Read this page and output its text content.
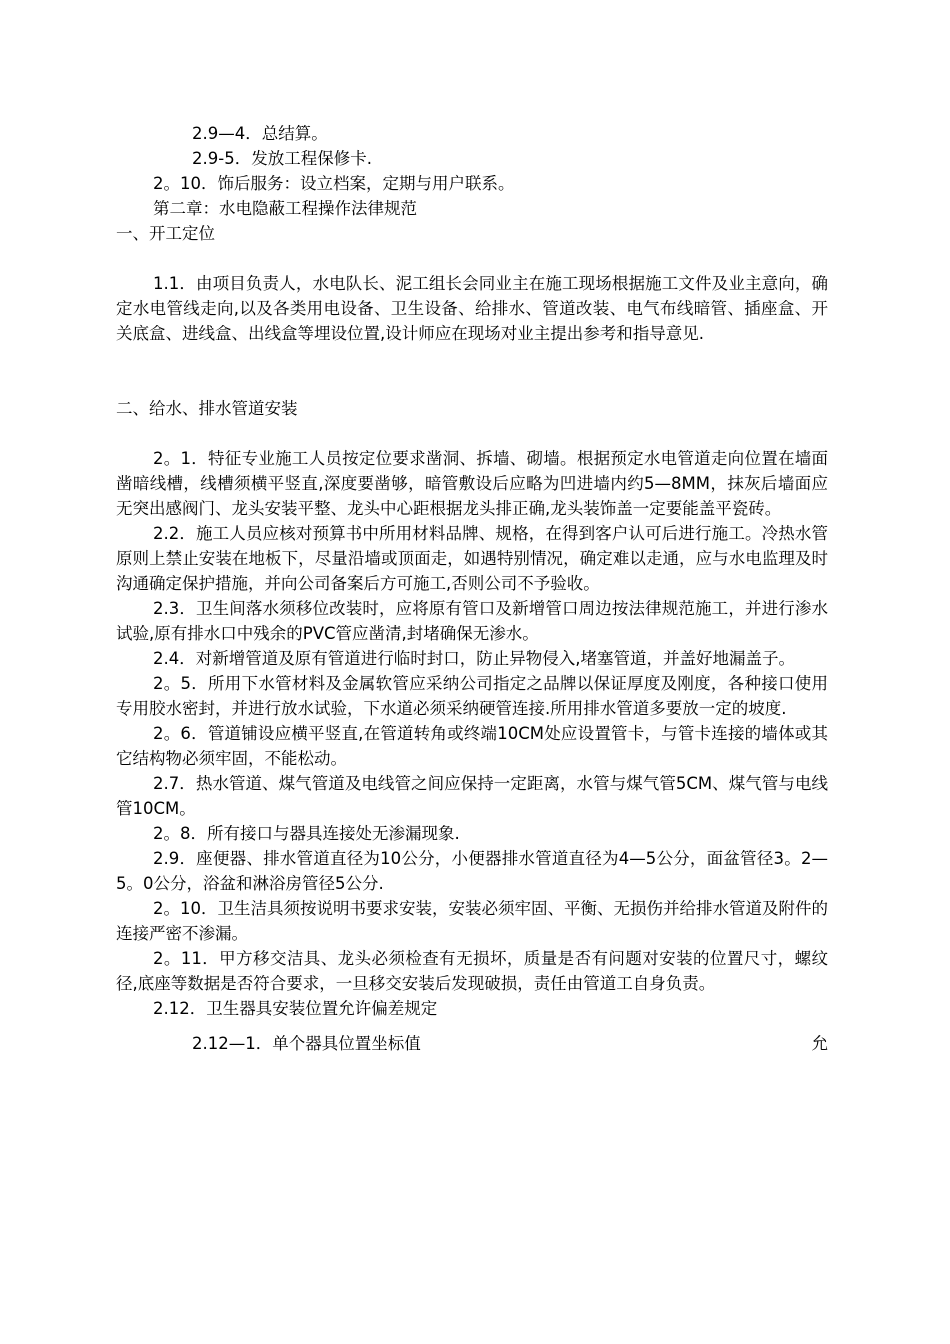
2.9—4．总结算。

2.9-5．发放工程保修卡.

2。10．饰后服务：设立档案，定期与用户联系。

第二章：水电隐蔽工程操作法律规范

一、开工定位

1.1．由项目负责人，水电队长、泥工组长会同业主在施工现场根据施工文件及业主意向，确定水电管线走向,以及各类用电设备、卫生设备、给排水、管道改装、电气布线暗管、插座盒、开关底盒、进线盒、出线盒等埋设位置,设计师应在现场对业主提出参考和指导意见.

二、给水、排水管道安装

2。1．特征专业施工人员按定位要求凿洞、拆墙、砌墙。根据预定水电管道走向位置在墙面凿暗线槽，线槽须横平竖直,深度要凿够，暗管敷设后应略为凹进墙内约5—8MM，抹灰后墙面应无突出感阀门、龙头安装平整、龙头中心距根据龙头排正确,龙头装饰盖一定要能盖平瓷砖。

2.2．施工人员应核对预算书中所用材料品牌、规格，在得到客户认可后进行施工。冷热水管原则上禁止安装在地板下，尽量沿墙或顶面走，如遇特别情况，确定难以走通，应与水电监理及时沟通确定保护措施，并向公司备案后方可施工,否则公司不予验收。

2.3．卫生间落水须移位改装时，应将原有管口及新增管口周边按法律规范施工，并进行渗水试验,原有排水口中残余的PVC管应凿清,封堵确保无渗水。

2.4．对新增管道及原有管道进行临时封口，防止异物侵入,堵塞管道，并盖好地漏盖子。

2。5．所用下水管材料及金属软管应采纳公司指定之品牌以保证厚度及刚度，各种接口使用专用胶水密封，并进行放水试验，下水道必须采纳硬管连接.所用排水管道多要放一定的坡度.

2。6．管道铺设应横平竖直,在管道转角或终端10CM处应设置管卡，与管卡连接的墙体或其它结构物必须牢固，不能松动。

2.7．热水管道、煤气管道及电线管之间应保持一定距离，水管与煤气管5CM、煤气管与电线管10CM。

2。8．所有接口与器具连接处无渗漏现象.

2.9．座便器、排水管道直径为10公分，小便器排水管道直径为4—5公分，面盆管径3。2—5。0公分，浴盆和淋浴房管径5公分.

2。10．卫生洁具须按说明书要求安装，安装必须牢固、平衡、无损伤并给排水管道及附件的连接严密不渗漏。

2。11．甲方移交洁具、龙头必须检查有无损坏，质量是否有问题对安装的位置尺寸，螺纹径,底座等数据是否符合要求，一旦移交安装后发现破损，责任由管道工自身负责。

2.12．卫生器具安装位置允许偏差规定

2.12—1．单个器具位置坐标值	允
